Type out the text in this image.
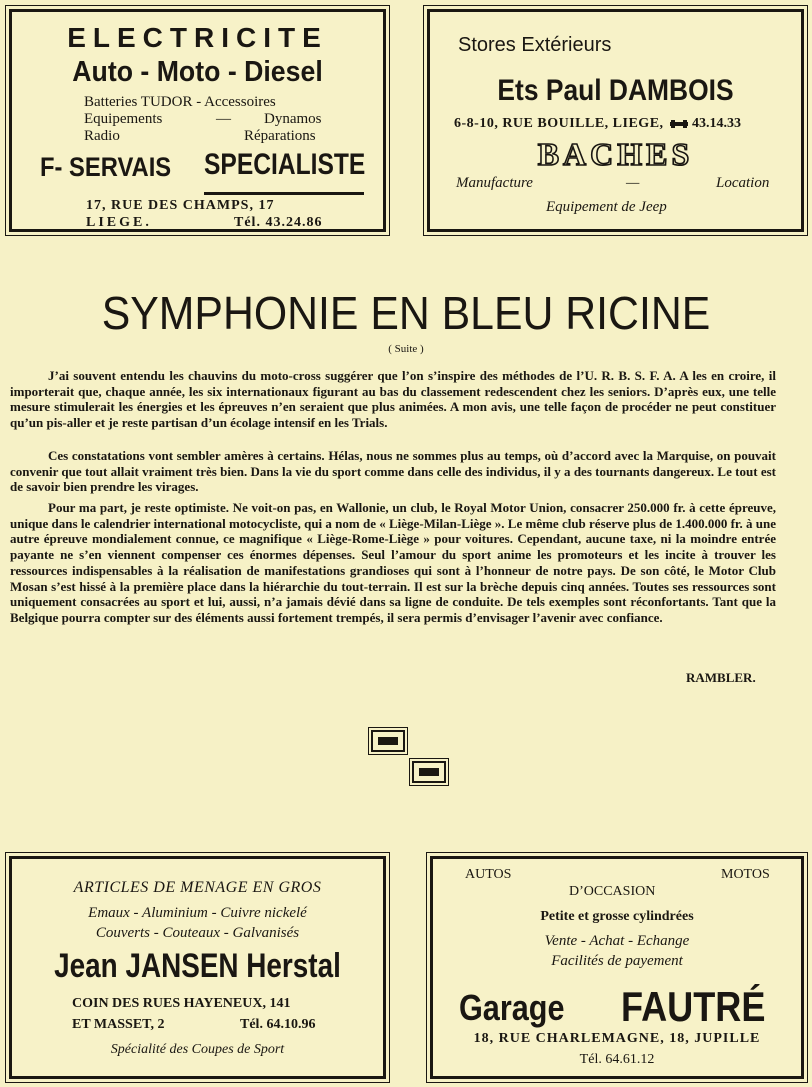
ELECTRICITE
Auto - Moto - Diesel
Batteries TUDOR - Accessoires
Equipements	— Dynamos
Radio	Réparations
F- SERVAIS SPECIALISTE
17, RUE DES CHAMPS, 17
LIEGE.	Tél. 43.24.86
Stores Extérieurs
Ets Paul DAMBOIS
6-8-10, RUE BOUILLE, LIEGE, 43.14.33
BACHES
Manufacture	—	Location
Equipement de Jeep
SYMPHONIE EN BLEU RICINE
( Suite )
J’ai souvent entendu les chauvins du moto-cross suggérer que l’on s’inspire des méthodes de l’U. R. B. S. F. A. A les en croire, il importerait que, chaque année, les six internationaux figurant au bas du classement redescendent chez les seniors. D’après eux, une telle mesure stimulerait les énergies et les épreuves n’en seraient que plus animées. A mon avis, une telle façon de procéder ne peut constituer qu’un pis-aller et je reste partisan d’un écolage intensif en les Trials.
Ces constatations vont sembler amères à certains. Hélas, nous ne sommes plus au temps, où d’accord avec la Marquise, on pouvait convenir que tout allait vraiment très bien. Dans la vie du sport comme dans celle des individus, il y a des tournants dangereux. Le tout est de savoir bien prendre les virages.
Pour ma part, je reste optimiste. Ne voit-on pas, en Wallonie, un club, le Royal Motor Union, consacrer 250.000 fr. à cette épreuve, unique dans le calendrier international motocycliste, qui a nom de « Liège-Milan-Liège ». Le même club réserve plus de 1.400.000 fr. à une autre épreuve mondialement connue, ce magnifique « Liège-Rome-Liège » pour voitures. Cependant, aucune taxe, ni la moindre entrée payante ne s’en viennent compenser ces énormes dépenses. Seul l’amour du sport anime les promoteurs et les incite à trouver les ressources indispensables à la réalisation de manifestations grandioses qui sont à l’honneur de notre pays. De son côté, le Motor Club Mosan s’est hissé à la première place dans la hiérarchie du tout-terrain. Il est sur la brèche depuis cinq années. Toutes ses ressources sont uniquement consacrées au sport et lui, aussi, n’a jamais dévié dans sa ligne de conduite. De tels exemples sont réconfortants. Tant que la Belgique pourra compter sur des éléments aussi fortement trempés, il sera permis d’envisager l’avenir avec confiance.
RAMBLER.
ARTICLES DE MENAGE EN GROS
Emaux - Aluminium - Cuivre nickelé
Couverts - Couteaux - Galvanisés
Jean JANSEN Herstal
COIN DES RUES HAYENEUX, 141
ET MASSET, 2	Tél. 64.10.96
Spécialité des Coupes de Sport
AUTOS	MOTOS
D’OCCASION
Petite et grosse cylindrées
Vente - Achat - Echange
Facilités de payement
Garage FAUTRÉ
18, RUE CHARLEMAGNE, 18, JUPILLE
Tél. 64.61.12
